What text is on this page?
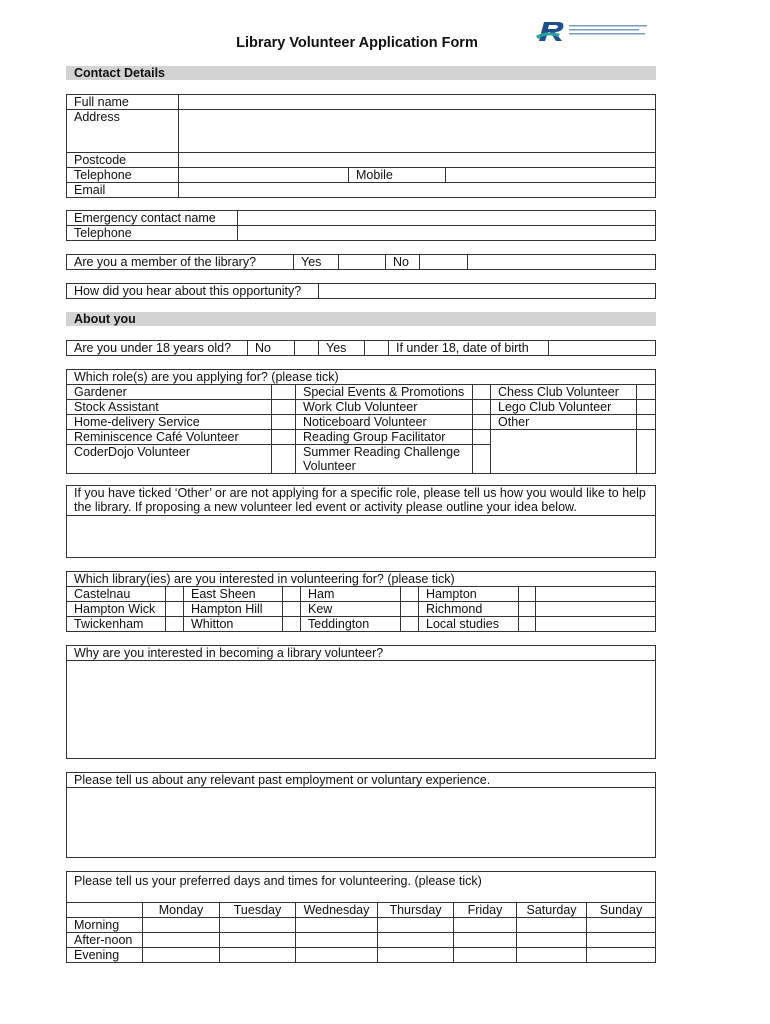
Library Volunteer Application Form
Contact Details
Full name			
Address			
Postcode			
Telephone		Mobile	
Email			
Emergency contact name	
Telephone	
Are you a member of the library?	Yes		No		
How did you hear about this opportunity?	
About you
Are you under 18 years old?	No		Yes		If under 18, date of birth	
Which role(s) are you applying for? (please tick)					
Gardener		Special Events & Promotions		Chess Club Volunteer	
Stock Assistant		Work Club Volunteer		Lego Club Volunteer	
Home-delivery Service		Noticeboard Volunteer		Other	
Reminiscence Café Volunteer		Reading Group Facilitator			
CoderDojo Volunteer		Summer Reading Challenge Volunteer			
If you have ticked ‘Other’ or are not applying for a specific role, please tell us how you would like to help the library. If proposing a new volunteer led event or activity please outline your idea below.

Which library(ies) are you interested in volunteering for? (please tick)								
Castelnau		East Sheen		Ham		Hampton		
Hampton Wick		Hampton Hill		Kew		Richmond		
Twickenham		Whitton		Teddington		Local studies		
Why are you interested in becoming a library volunteer?

Please tell us about any relevant past employment or voluntary experience.

Please tell us your preferred days and times for volunteering. (please tick)							
	Monday	Tuesday	Wednesday	Thursday	Friday	Saturday	Sunday
Morning							
After-noon							
Evening							
